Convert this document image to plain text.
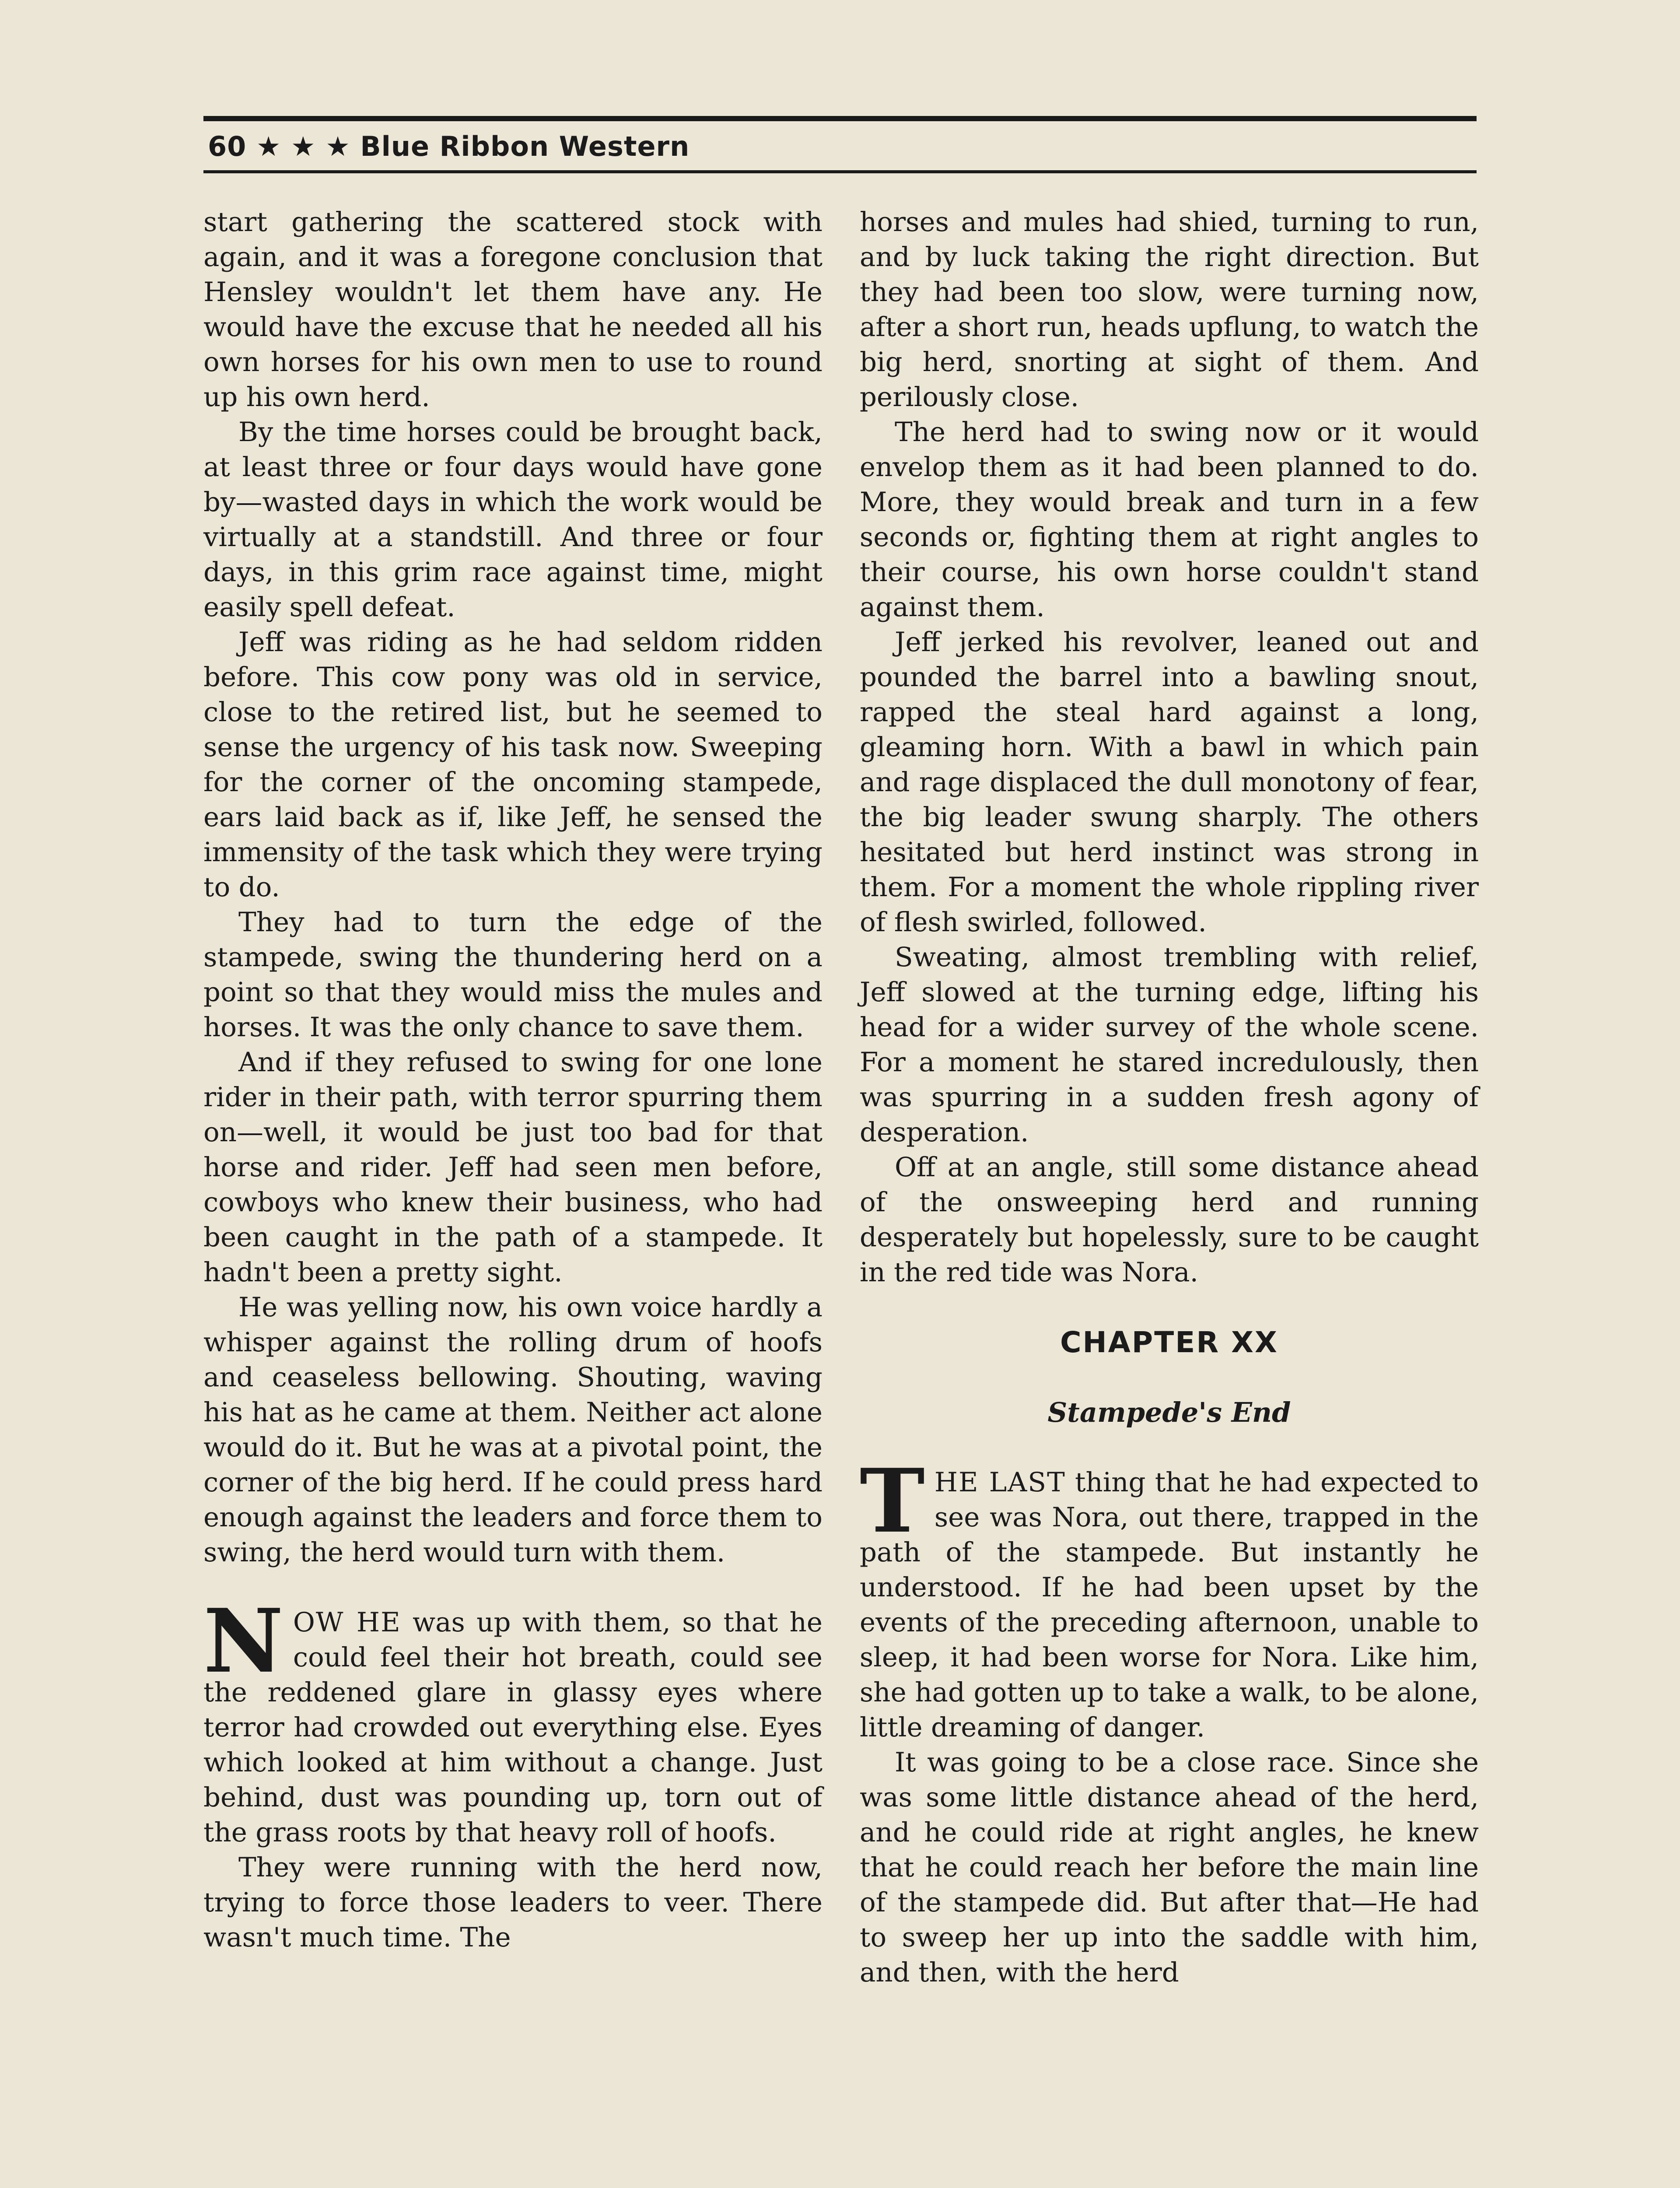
60 ★ ★ ★ Blue Ribbon Western

start gathering the scattered stock with again, and it was a foregone conclusion that Hensley wouldn't let them have any. He would have the excuse that he needed all his own horses for his own men to use to round up his own herd.

By the time horses could be brought back, at least three or four days would have gone by—wasted days in which the work would be virtually at a standstill. And three or four days, in this grim race against time, might easily spell defeat.

Jeff was riding as he had seldom ridden before. This cow pony was old in service, close to the retired list, but he seemed to sense the urgency of his task now. Sweeping for the corner of the oncoming stampede, ears laid back as if, like Jeff, he sensed the immensity of the task which they were trying to do.

They had to turn the edge of the stampede, swing the thundering herd on a point so that they would miss the mules and horses. It was the only chance to save them.

And if they refused to swing for one lone rider in their path, with terror spurring them on—well, it would be just too bad for that horse and rider. Jeff had seen men before, cowboys who knew their business, who had been caught in the path of a stampede. It hadn't been a pretty sight.

He was yelling now, his own voice hardly a whisper against the rolling drum of hoofs and ceaseless bellowing. Shouting, waving his hat as he came at them. Neither act alone would do it. But he was at a pivotal point, the corner of the big herd. If he could press hard enough against the leaders and force them to swing, the herd would turn with them.

NOW HE was up with them, so that he could feel their hot breath, could see the reddened glare in glassy eyes where terror had crowded out everything else. Eyes which looked at him without a change. Just behind, dust was pounding up, torn out of the grass roots by that heavy roll of hoofs.

They were running with the herd now, trying to force those leaders to veer. There wasn't much time. The

horses and mules had shied, turning to run, and by luck taking the right direction. But they had been too slow, were turning now, after a short run, heads upflung, to watch the big herd, snorting at sight of them. And perilously close.

The herd had to swing now or it would envelop them as it had been planned to do. More, they would break and turn in a few seconds or, fighting them at right angles to their course, his own horse couldn't stand against them.

Jeff jerked his revolver, leaned out and pounded the barrel into a bawling snout, rapped the steal hard against a long, gleaming horn. With a bawl in which pain and rage displaced the dull monotony of fear, the big leader swung sharply. The others hesitated but herd instinct was strong in them. For a moment the whole rippling river of flesh swirled, followed.

Sweating, almost trembling with relief, Jeff slowed at the turning edge, lifting his head for a wider survey of the whole scene. For a moment he stared incredulously, then was spurring in a sudden fresh agony of desperation.

Off at an angle, still some distance ahead of the onsweeping herd and running desperately but hopelessly, sure to be caught in the red tide was Nora.

CHAPTER XX
Stampede's End

THE LAST thing that he had expected to see was Nora, out there, trapped in the path of the stampede. But instantly he understood. If he had been upset by the events of the preceding afternoon, unable to sleep, it had been worse for Nora. Like him, she had gotten up to take a walk, to be alone, little dreaming of danger.

It was going to be a close race. Since she was some little distance ahead of the herd, and he could ride at right angles, he knew that he could reach her before the main line of the stampede did. But after that—He had to sweep her up into the saddle with him, and then, with the herd
